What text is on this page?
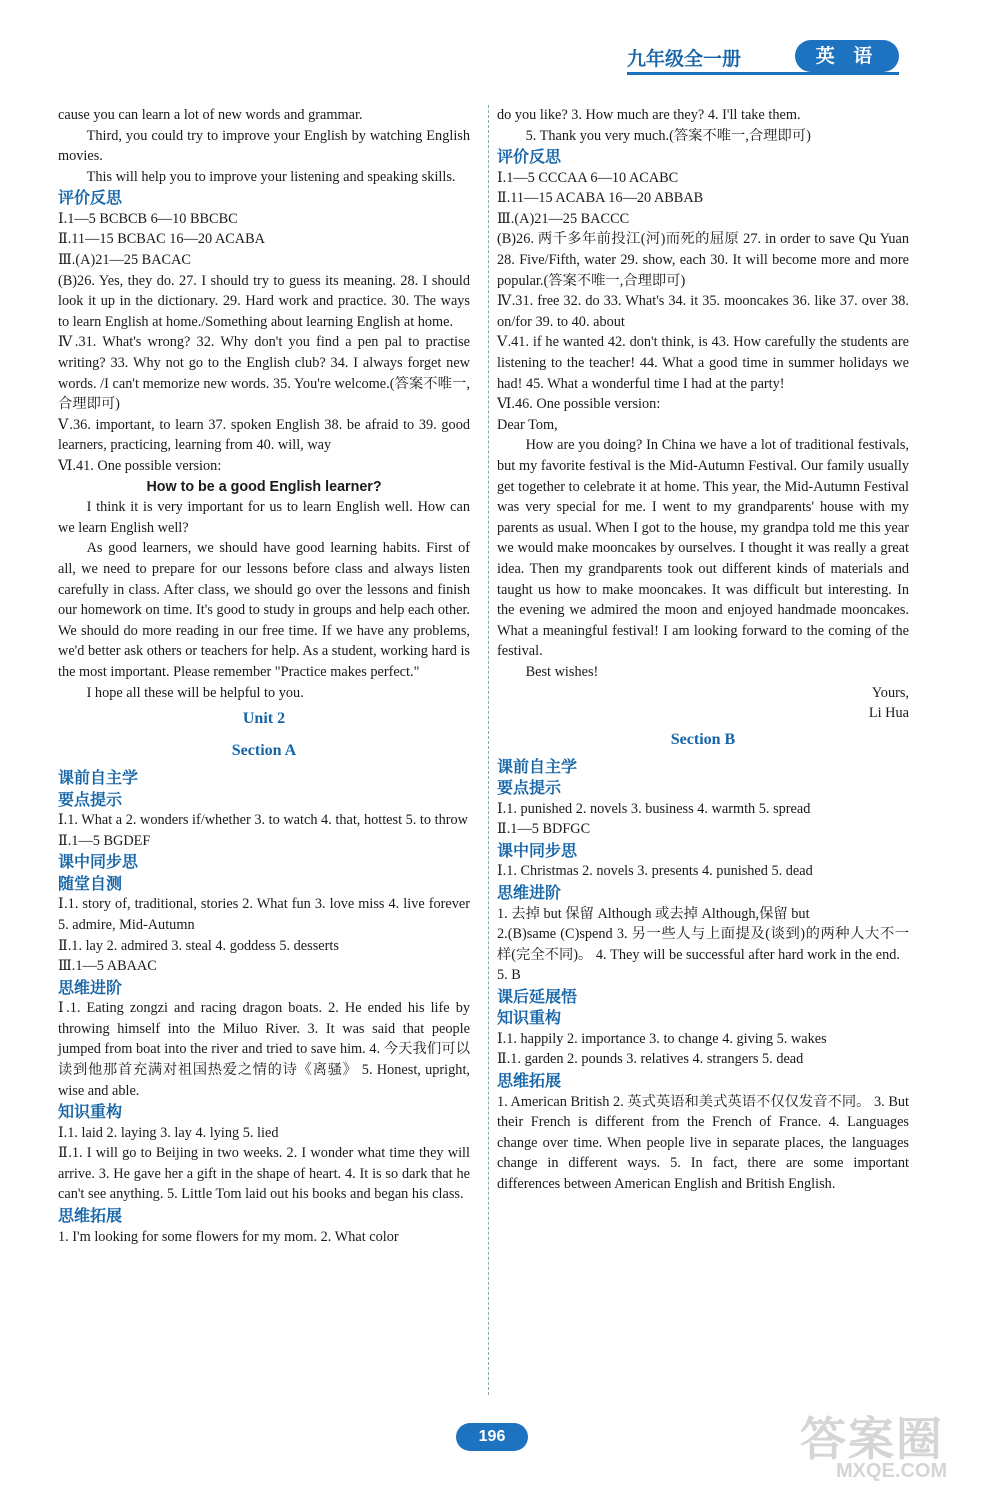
九年级全一册	英 语

cause you can learn a lot of new words and grammar.

Third, you could try to improve your English by watching English movies.

This will help you to improve your listening and speaking skills.

评价反思

Ⅰ.1—5 BCBCB 6—10 BBCBC

Ⅱ.11—15 BCBAC 16—20 ACABA

Ⅲ.(A)21—25 BACAC

(B)26. Yes, they do. 27. I should try to guess its meaning. 28. I should look it up in the dictionary. 29. Hard work and practice. 30. The ways to learn English at home./Something about learning English at home.

Ⅳ.31. What's wrong? 32. Why don't you find a pen pal to practise writing? 33. Why not go to the English club? 34. I always forget new words. /I can't memorize new words. 35. You're welcome.(答案不唯一,合理即可)

Ⅴ.36. important, to learn 37. spoken English 38. be afraid to 39. good learners, practicing, learning from 40. will, way

Ⅵ.41. One possible version:

How to be a good English learner?

I think it is very important for us to learn English well. How can we learn English well?

As good learners, we should have good learning habits. First of all, we need to prepare for our lessons before class and always listen carefully in class. After class, we should go over the lessons and finish our homework on time. It's good to study in groups and help each other. We should do more reading in our free time. If we have any problems, we'd better ask others or teachers for help. As a student, working hard is the most important. Please remember "Practice makes perfect."

I hope all these will be helpful to you.

Unit 2

Section A

课前自主学

要点提示

Ⅰ.1. What a 2. wonders if/whether 3. to watch 4. that, hottest 5. to throw

Ⅱ.1—5 BGDEF

课中同步思

随堂自测

Ⅰ.1. story of, traditional, stories 2. What fun 3. love miss 4. live forever 5. admire, Mid-Autumn

Ⅱ.1. lay 2. admired 3. steal 4. goddess 5. desserts

Ⅲ.1—5 ABAAC

思维进阶

Ⅰ.1. Eating zongzi and racing dragon boats. 2. He ended his life by throwing himself into the Miluo River. 3. It was said that people jumped from boat into the river and tried to save him. 4. 今天我们可以读到他那首充满对祖国热爱之情的诗《离骚》 5. Honest, upright, wise and able.

知识重构

Ⅰ.1. laid 2. laying 3. lay 4. lying 5. lied

Ⅱ.1. I will go to Beijing in two weeks. 2. I wonder what time they will arrive. 3. He gave her a gift in the shape of heart. 4. It is so dark that he can't see anything. 5. Little Tom laid out his books and began his class.

思维拓展

1. I'm looking for some flowers for my mom. 2. What color

do you like? 3. How much are they? 4. I'll take them.

5. Thank you very much.(答案不唯一,合理即可)

评价反思

Ⅰ.1—5 CCCAA 6—10 ACABC

Ⅱ.11—15 ACABA 16—20 ABBAB

Ⅲ.(A)21—25 BACCC

(B)26. 两千多年前投江(河)而死的屈原 27. in order to save Qu Yuan 28. Five/Fifth, water 29. show, each 30. It will become more and more popular.(答案不唯一,合理即可)

Ⅳ.31. free 32. do 33. What's 34. it 35. mooncakes 36. like 37. over 38. on/for 39. to 40. about

Ⅴ.41. if he wanted 42. don't think, is 43. How carefully the students are listening to the teacher! 44. What a good time in summer holidays we had! 45. What a wonderful time I had at the party!

Ⅵ.46. One possible version:

Dear Tom,

How are you doing? In China we have a lot of traditional festivals, but my favorite festival is the Mid-Autumn Festival. Our family usually get together to celebrate it at home. This year, the Mid-Autumn Festival was very special for me. I went to my grandparents' house with my parents as usual. When I got to the house, my grandpa told me this year we would make mooncakes by ourselves. I thought it was really a great idea. Then my grandparents took out different kinds of materials and taught us how to make mooncakes. It was difficult but interesting. In the evening we admired the moon and enjoyed handmade mooncakes. What a meaningful festival! I am looking forward to the coming of the festival.

Best wishes!

Yours,

Li Hua

Section B

课前自主学

要点提示

Ⅰ.1. punished 2. novels 3. business 4. warmth 5. spread

Ⅱ.1—5 BDFGC

课中同步思

Ⅰ.1. Christmas 2. novels 3. presents 4. punished 5. dead

思维进阶

1. 去掉 but 保留 Although 或去掉 Although,保留 but

2.(B)same (C)spend 3. 另一些人与上面提及(谈到)的两种人大不一样(完全不同)。 4. They will be successful after hard work in the end.

5. B

课后延展悟

知识重构

Ⅰ.1. happily 2. importance 3. to change 4. giving 5. wakes

Ⅱ.1. garden 2. pounds 3. relatives 4. strangers 5. dead

思维拓展

1. American British 2. 英式英语和美式英语不仅仅发音不同。 3. But their French is different from the French of France. 4. Languages change over time. When people live in separate places, the languages change in different ways. 5. In fact, there are some important differences between American English and British English.

196	答案圈
MXQE.COM
